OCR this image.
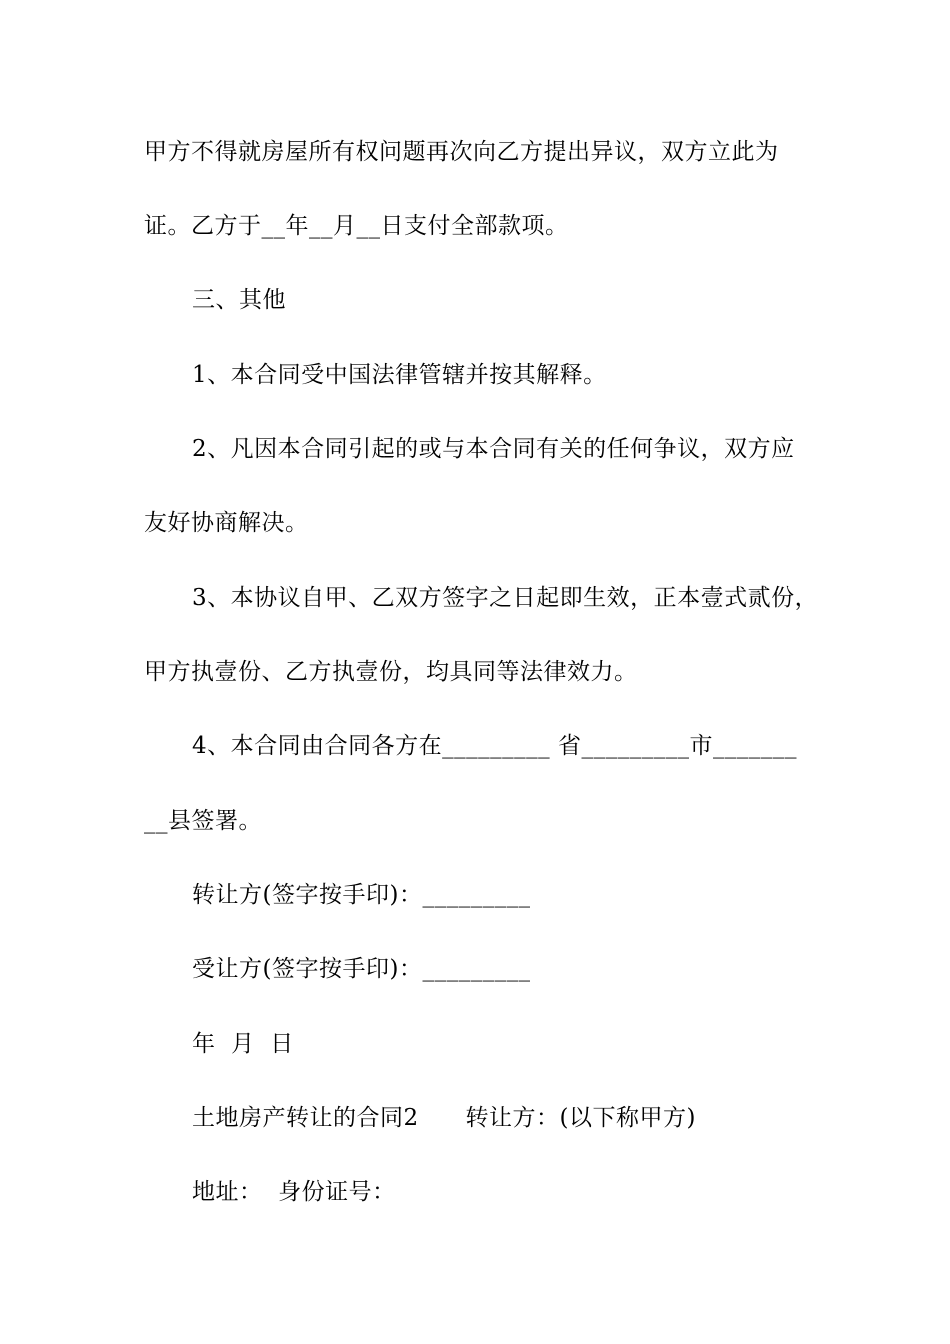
甲方不得就房屋所有权问题再次向乙方提出异议，双方立此为
证。乙方于__年__月__日支付全部款项。
三、其他
1、本合同受中国法律管辖并按其解释。
2、凡因本合同引起的或与本合同有关的任何争议，双方应
友好协商解决。
3、本协议自甲、乙双方签字之日起即生效，正本壹式贰份，
甲方执壹份、乙方执壹份，均具同等法律效力。
4、本合同由合同各方在_________ 省_________市_______
__县签署。
转让方(签字按手印)：_________
受让方(签字按手印)：_________
年  月  日
土地房产转让的合同2      转让方：(以下称甲方)
地址：  身份证号：
